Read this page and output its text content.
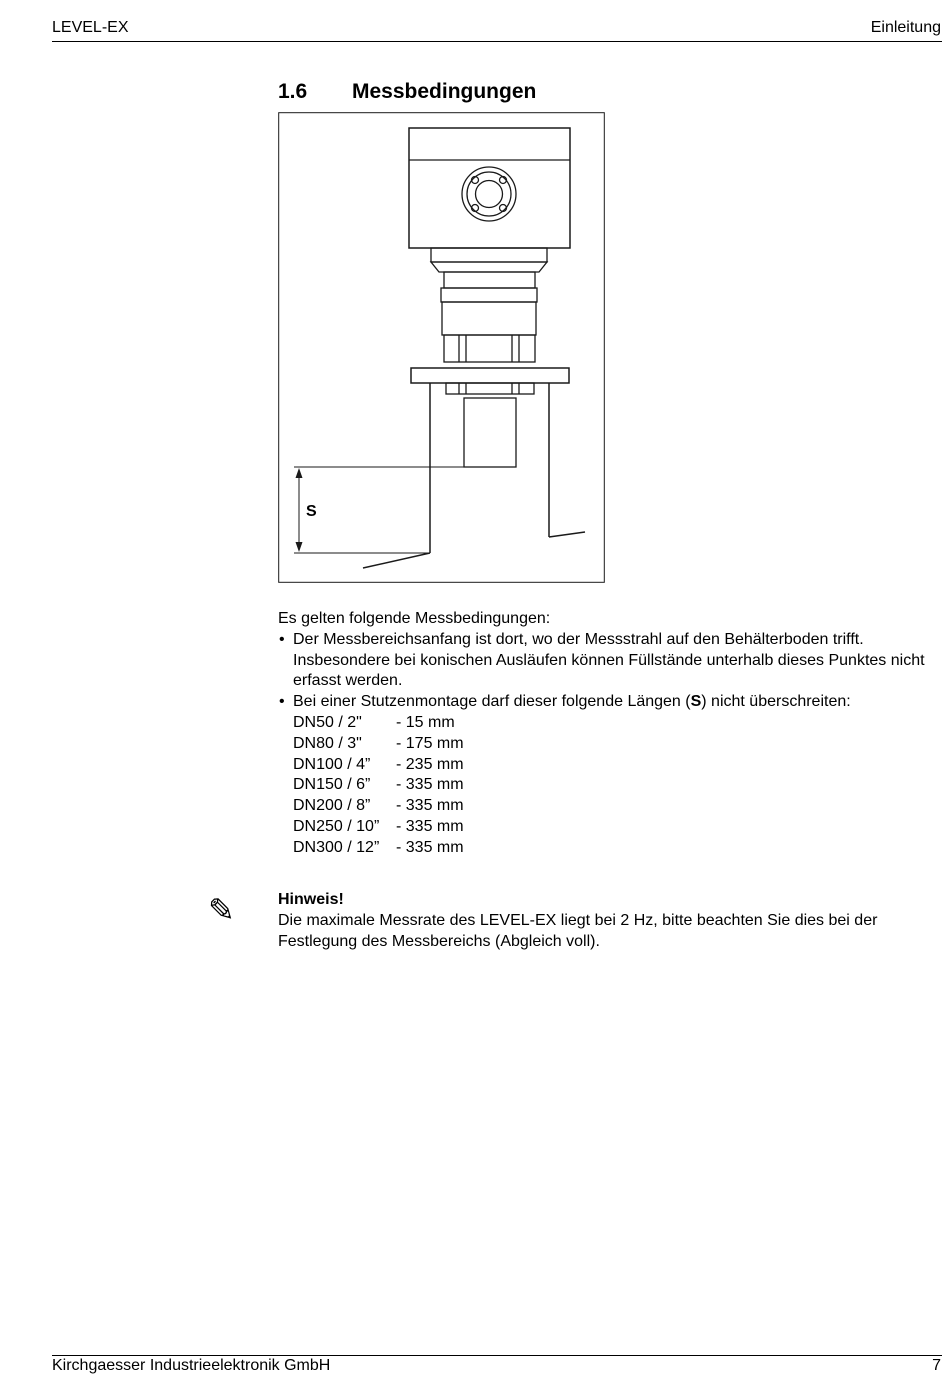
LEVEL-EX	Einleitung
1.6 Messbedingungen
S

Es gelten folgende Messbedingungen:

• Der Messbereichsanfang ist dort, wo der Messstrahl auf den Behälterboden trifft. Insbesondere bei konischen Ausläufen können Füllstände unterhalb dieses Punktes nicht erfasst werden.
• Bei einer Stutzenmontage darf dieser folgende Längen (S) nicht überschreiten:
DN50 / 2"	- 15 mm
DN80 / 3"	- 175 mm
DN100 / 4”	- 235 mm
DN150 / 6”	- 335 mm
DN200 / 8”	- 335 mm
DN250 / 10”	- 335 mm
DN300 / 12”	- 335 mm
✎	Hinweis!
Die maximale Messrate des LEVEL-EX liegt bei 2 Hz, bitte beachten Sie dies bei der Festlegung des Messbereichs (Abgleich voll).
Kirchgaesser Industrieelektronik GmbH	7
